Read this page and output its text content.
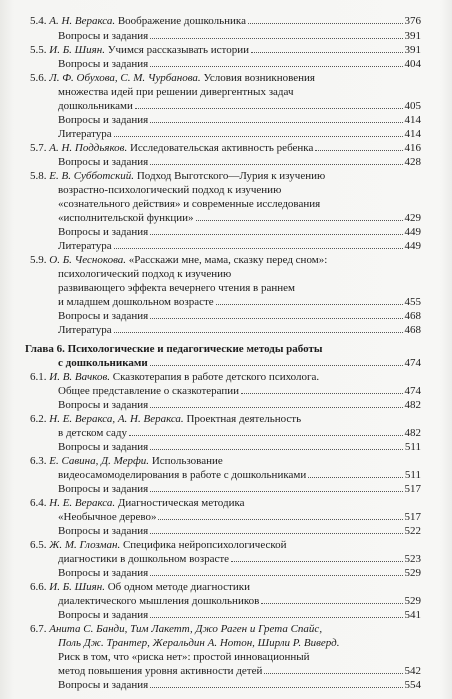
5.4. А. Н. Веракса. Воображение дошкольника	376
Вопросы и задания	391
5.5. И. Б. Шиян. Учимся рассказывать истории	391
Вопросы и задания	404
5.6. Л. Ф. Обухова, С. М. Чурбанова. Условия возникновения
множества идей при решении дивергентных задач
дошкольниками	405
Вопросы и задания	414
Литература	414
5.7. А. Н. Поддьяков. Исследовательская активность ребенка	416
Вопросы и задания	428
5.8. Е. В. Субботский. Подход Выготского—Лурия к изучению
возрастно-психологический подход к изучению
«сознательного действия» и современные исследования
«исполнительской функции»	429
Вопросы и задания	449
Литература	449
5.9. О. Б. Чеснокова. «Расскажи мне, мама, сказку перед сном»:
психологический подход к изучению
развивающего эффекта вечернего чтения в раннем
и младшем дошкольном возрасте	455
Вопросы и задания	468
Литература	468
Глава 6. Психологические и педагогические методы работы
с дошкольниками	474
6.1. И. В. Вачков. Сказкотерапия в работе детского психолога.
Общее представление о сказкотерапии	474
Вопросы и задания	482
6.2. Н. Е. Веракса, А. Н. Веракса. Проектная деятельность
в детском саду	482
Вопросы и задания	511
6.3. Е. Савина, Д. Мерфи. Использование
видеосамомоделирования в работе с дошкольниками	511
Вопросы и задания	517
6.4. Н. Е. Веракса. Диагностическая методика
«Необычное дерево»	517
Вопросы и задания	522
6.5. Ж. М. Глозман. Специфика нейропсихологической
диагностики в дошкольном возрасте	523
Вопросы и задания	529
6.6. И. Б. Шиян. Об одном методе диагностики
диалектического мышления дошкольников	529
Вопросы и задания	541
6.7. Анита С. Банди, Тим Лакетт, Джо Раген и Грета Спайс,
Поль Дж. Трантер, Жеральдин А. Нотон, Ширли Р. Виверд.
Риск в том, что «риска нет»: простой инновационный
метод повышения уровня активности детей	542
Вопросы и задания	554
